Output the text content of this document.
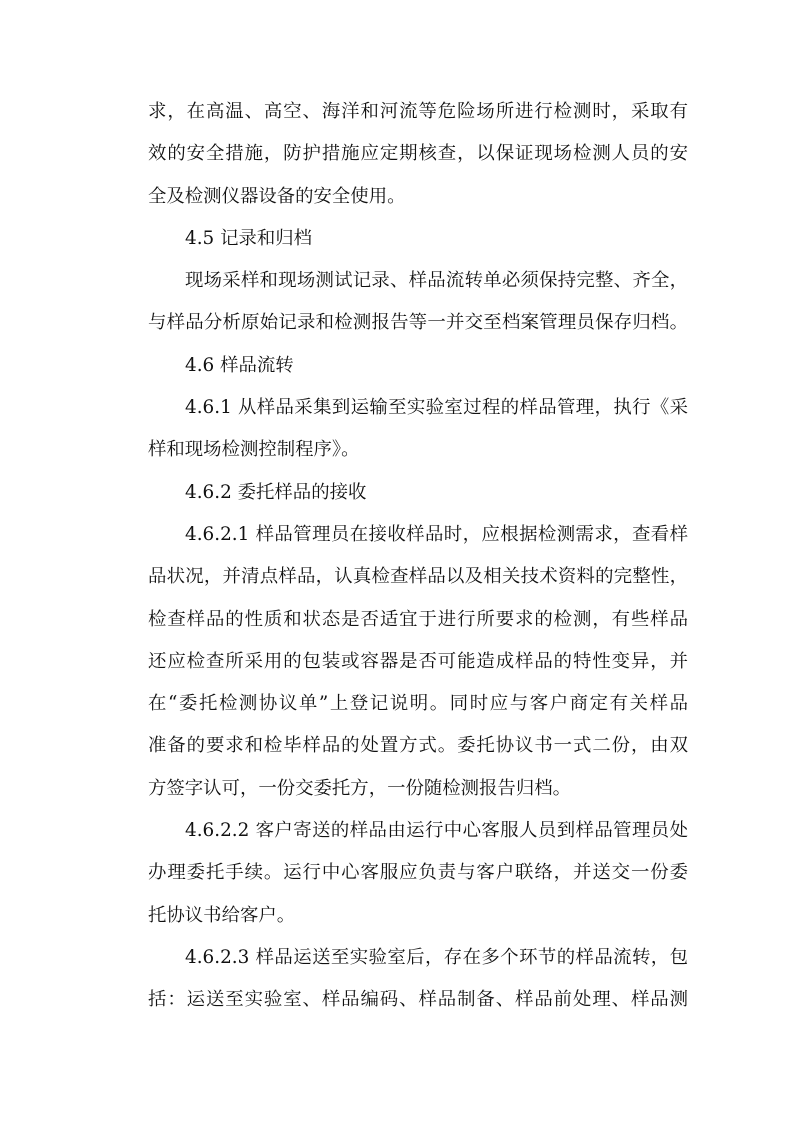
求，在高温、高空、海洋和河流等危险场所进行检测时，采取有
效的安全措施，防护措施应定期核查，以保证现场检测人员的安
全及检测仪器设备的安全使用。
4.5 记录和归档
现场采样和现场测试记录、样品流转单必须保持完整、齐全，
与样品分析原始记录和检测报告等一并交至档案管理员保存归档。
4.6 样品流转
4.6.1 从样品采集到运输至实验室过程的样品管理，执行《采
样和现场检测控制程序》。
4.6.2 委托样品的接收
4.6.2.1 样品管理员在接收样品时，应根据检测需求，查看样
品状况，并清点样品，认真检查样品以及相关技术资料的完整性，
检查样品的性质和状态是否适宜于进行所要求的检测，有些样品
还应检查所采用的包装或容器是否可能造成样品的特性变异，并
在“委托检测协议单”上登记说明。同时应与客户商定有关样品
准备的要求和检毕样品的处置方式。委托协议书一式二份，由双
方签字认可，一份交委托方，一份随检测报告归档。
4.6.2.2 客户寄送的样品由运行中心客服人员到样品管理员处
办理委托手续。运行中心客服应负责与客户联络，并送交一份委
托协议书给客户。
4.6.2.3 样品运送至实验室后，存在多个环节的样品流转，包
括：运送至实验室、样品编码、样品制备、样品前处理、样品测
